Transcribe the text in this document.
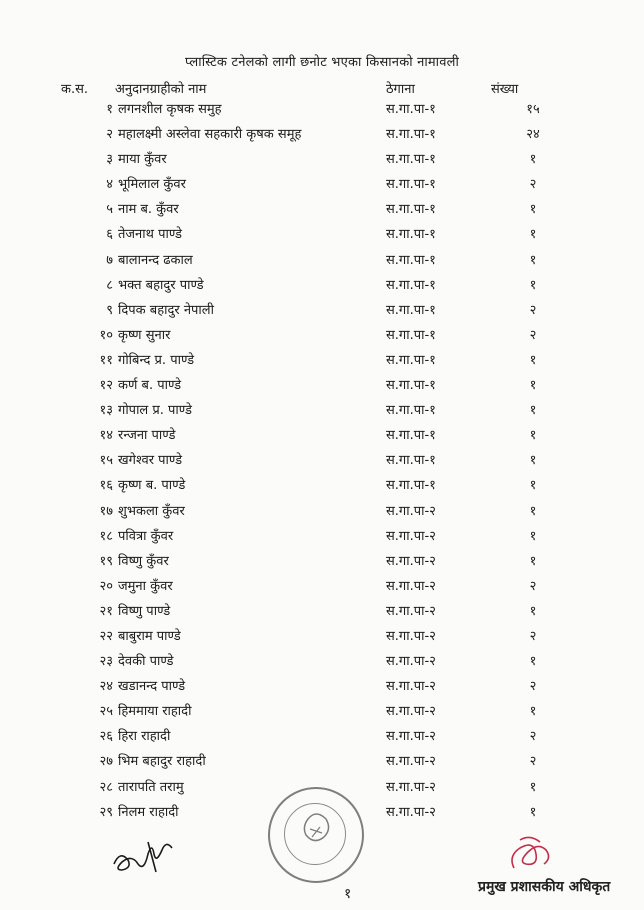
प्लास्टिक टनेलको लागी छनोट भएका किसानको नामावली
क.स. अनुदानग्राहीको नाम	ठेगाना	संख्या
१ लगनशील कृषक समुह	स.गा.पा-१	१५
२ महालक्ष्मी अस्लेवा सहकारी कृषक समूह	स.गा.पा-१	२४
३ माया कुँवर	स.गा.पा-१	१
४ भूमिलाल कुँवर	स.गा.पा-१	२
५ नाम ब. कुँवर	स.गा.पा-१	१
६ तेजनाथ पाण्डे	स.गा.पा-१	१
७ बालानन्द ढकाल	स.गा.पा-१	१
८ भक्त बहादुर पाण्डे	स.गा.पा-१	१
९ दिपक बहादुर नेपाली	स.गा.पा-१	२
१० कृष्ण सुनार	स.गा.पा-१	२
११ गोबिन्द प्र. पाण्डे	स.गा.पा-१	१
१२ कर्ण ब. पाण्डे	स.गा.पा-१	१
१३ गोपाल प्र. पाण्डे	स.गा.पा-१	१
१४ रन्जना पाण्डे	स.गा.पा-१	१
१५ खगेश्वर पाण्डे	स.गा.पा-१	१
१६ कृष्ण ब. पाण्डे	स.गा.पा-१	१
१७ शुभकला कुँवर	स.गा.पा-२	१
१८ पवित्रा कुँवर	स.गा.पा-२	१
१९ विष्णु कुँवर	स.गा.पा-२	१
२० जमुना कुँवर	स.गा.पा-२	२
२१ विष्णु पाण्डे	स.गा.पा-२	१
२२ बाबुराम पाण्डे	स.गा.पा-२	२
२३ देवकी पाण्डे	स.गा.पा-२	१
२४ खडानन्द पाण्डे	स.गा.पा-२	२
२५ हिममाया राहादी	स.गा.पा-२	१
२६ हिरा राहादी	स.गा.पा-२	२
२७ भिम बहादुर राहादी	स.गा.पा-२	२
२८ तारापति तरामु	स.गा.पा-२	१
२९ निलम राहादी	स.गा.पा-२	१
१	प्रमुख प्रशासकीय अधिकृत
